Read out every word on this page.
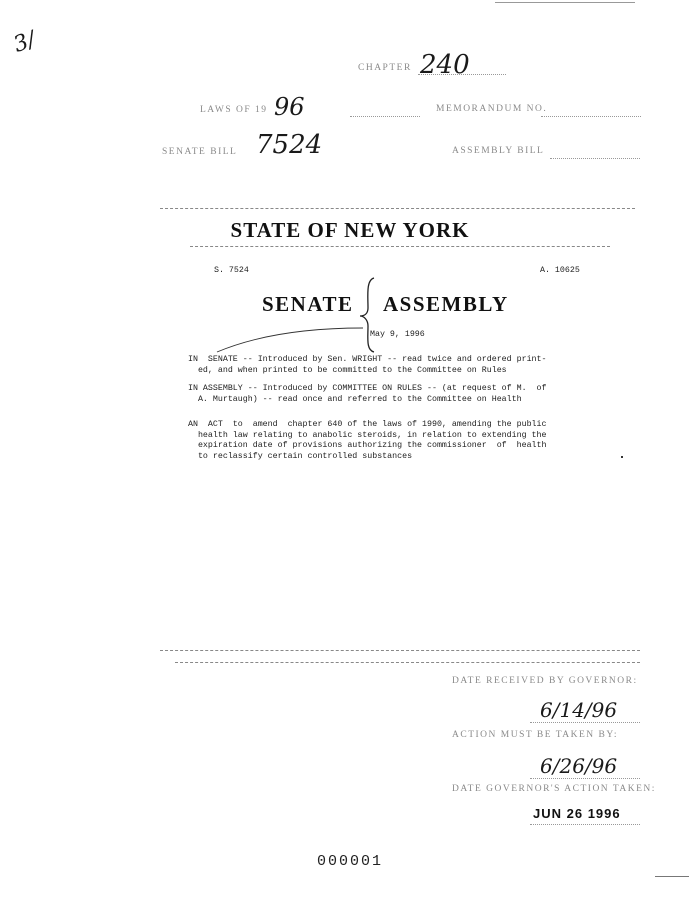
3/
CHAPTER 240
LAWS OF 19 96	MEMORANDUM NO.
SENATE BILL 7524	ASSEMBLY BILL
STATE OF NEW YORK
S. 7524	A. 10625
SENATE ASSEMBLY
May 9, 1996
IN  SENATE -- Introduced by Sen. WRIGHT -- read twice and ordered print-
ed, and when printed to be committed to the Committee on Rules
IN ASSEMBLY -- Introduced by COMMITTEE ON RULES -- (at request of M.  of
A. Murtaugh) -- read once and referred to the Committee on Health
AN  ACT  to  amend  chapter 640 of the laws of 1990, amending the public
health law relating to anabolic steroids, in relation to extending the
expiration date of provisions authorizing the commissioner  of  health
to reclassify certain controlled substances
DATE RECEIVED BY GOVERNOR:
6/14/96
ACTION MUST BE TAKEN BY:
6/26/96
DATE GOVERNOR'S ACTION TAKEN:
JUN 26 1996
000001
